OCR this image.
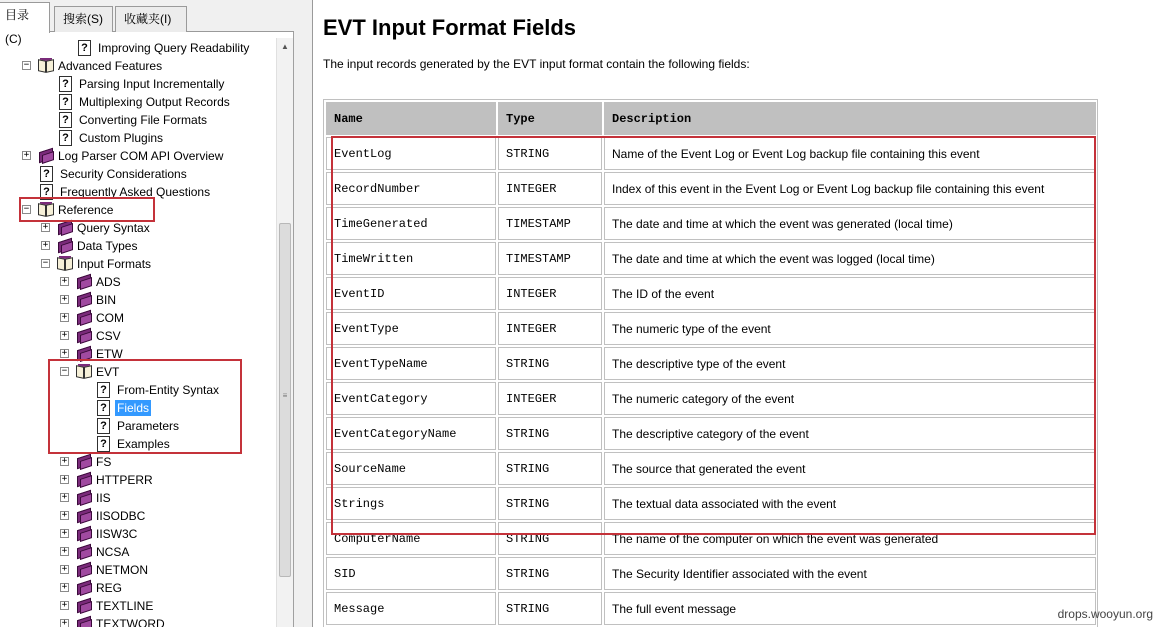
目录(C)
搜索(S)	收藏夹(I)
? Improving Query Readability
− Advanced Features
? Parsing Input Incrementally
? Multiplexing Output Records
? Converting File Formats
? Custom Plugins
+ Log Parser COM API Overview
? Security Considerations
? Frequently Asked Questions
− Reference
+ Query Syntax
+ Data Types
− Input Formats
+ ADS
+ BIN
+ COM
+ CSV
+ ETW
− EVT
? From-Entity Syntax
? Fields
? Parameters
? Examples
+ FS
+ HTTPERR
+ IIS
+ IISODBC
+ IISW3C
+ NCSA
+ NETMON
+ REG
+ TEXTLINE
+ TEXTWORD
▲
≡
EVT Input Format Fields
The input records generated by the EVT input format contain the following fields:
Name	Type	Description
EventLog	STRING	Name of the Event Log or Event Log backup file containing this event
RecordNumber	INTEGER	Index of this event in the Event Log or Event Log backup file containing this event
TimeGenerated	TIMESTAMP	The date and time at which the event was generated (local time)
TimeWritten	TIMESTAMP	The date and time at which the event was logged (local time)
EventID	INTEGER	The ID of the event
EventType	INTEGER	The numeric type of the event
EventTypeName	STRING	The descriptive type of the event
EventCategory	INTEGER	The numeric category of the event
EventCategoryName	STRING	The descriptive category of the event
SourceName	STRING	The source that generated the event
Strings	STRING	The textual data associated with the event
ComputerName	STRING	The name of the computer on which the event was generated
SID	STRING	The Security Identifier associated with the event
Message	STRING	The full event message	drops.wooyun.org
